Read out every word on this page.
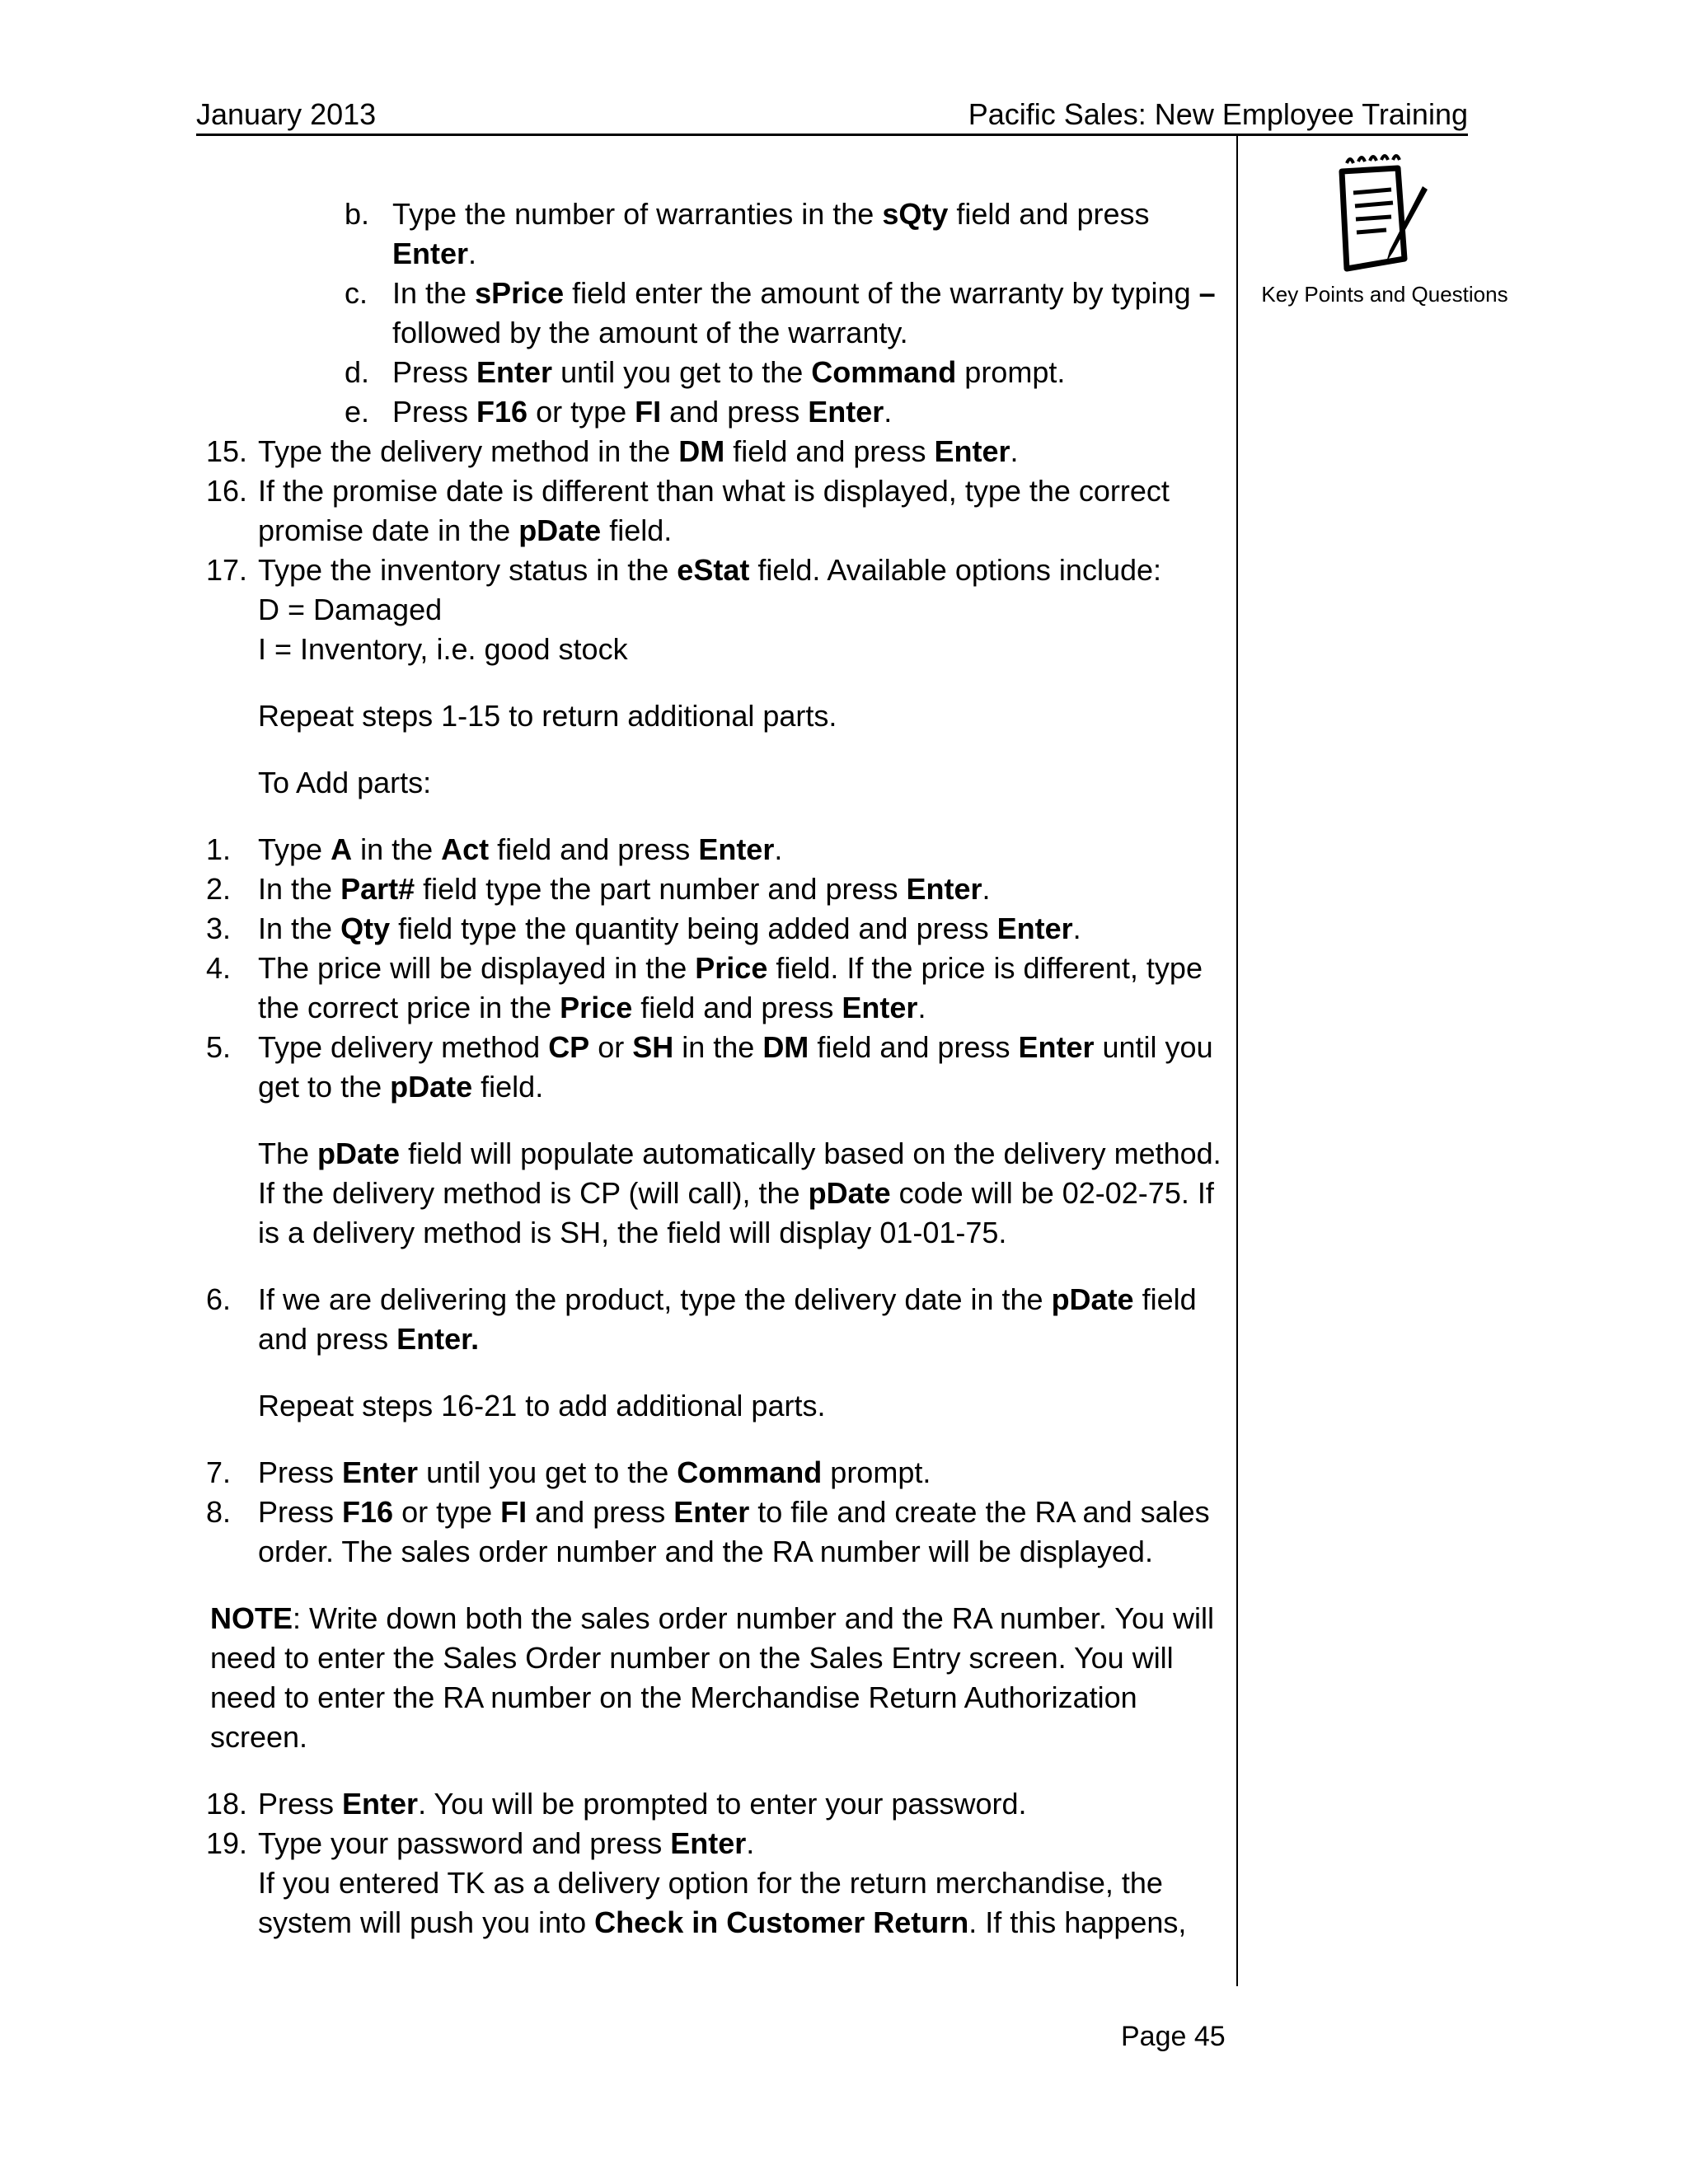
January 2013	Pacific Sales: New Employee Training
Key Points and Questions
b. Type the number of warranties in the sQty field and press Enter.
c. In the sPrice field enter the amount of the warranty by typing – followed by the amount of the warranty.
d. Press Enter until you get to the Command prompt.
e. Press F16 or type FI and press Enter.
15. Type the delivery method in the DM field and press Enter.
16. If the promise date is different than what is displayed, type the correct promise date in the pDate field.
17. Type the inventory status in the eStat field. Available options include:
D = Damaged
I = Inventory, i.e. good stock
Repeat steps 1-15 to return additional parts.
To Add parts:
1. Type A in the Act field and press Enter.
2. In the Part# field type the part number and press Enter.
3. In the Qty field type the quantity being added and press Enter.
4. The price will be displayed in the Price field. If the price is different, type the correct price in the Price field and press Enter.
5. Type delivery method CP or SH in the DM field and press Enter until you get to the pDate field.
The pDate field will populate automatically based on the delivery method. If the delivery method is CP (will call), the pDate code will be 02-02-75. If is a delivery method is SH, the field will display 01-01-75.
6. If we are delivering the product, type the delivery date in the pDate field and press Enter.
Repeat steps 16-21 to add additional parts.
7. Press Enter until you get to the Command prompt.
8. Press F16 or type FI and press Enter to file and create the RA and sales order. The sales order number and the RA number will be displayed.
NOTE: Write down both the sales order number and the RA number. You will need to enter the Sales Order number on the Sales Entry screen. You will need to enter the RA number on the Merchandise Return Authorization screen.
18. Press Enter. You will be prompted to enter your password.
19. Type your password and press Enter.
If you entered TK as a delivery option for the return merchandise, the system will push you into Check in Customer Return. If this happens,
Page 45
